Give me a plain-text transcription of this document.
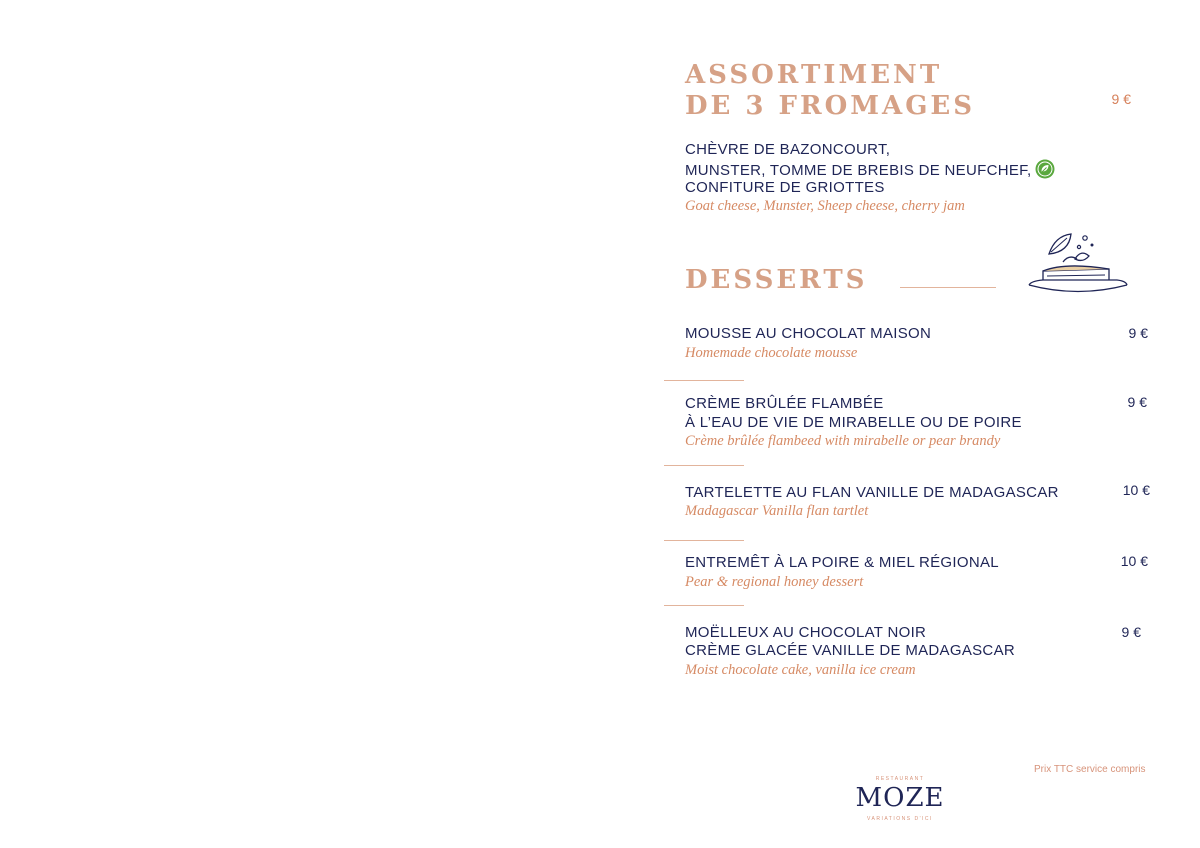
ASSORTIMENT
DE 3 FROMAGES	9 €
CHÈVRE DE BAZONCOURT,
MUNSTER, TOMME DE BREBIS DE NEUFCHEF,
CONFITURE DE GRIOTTES
Goat cheese, Munster, Sheep cheese, cherry jam
DESSERTS
MOUSSE AU CHOCOLAT MAISON
Homemade chocolate mousse
9 €
CRÈME BRÛLÉE FLAMBÉE
À L’EAU DE VIE DE MIRABELLE OU DE POIRE
Crème brûlée flambeed with mirabelle or pear brandy
9 €
TARTELETTE AU FLAN VANILLE DE MADAGASCAR
Madagascar Vanilla flan tartlet
10 €
ENTREMÊT À LA POIRE & MIEL RÉGIONAL
Pear & regional honey dessert
10 €
MOËLLEUX AU CHOCOLAT NOIR
CRÈME GLACÉE VANILLE DE MADAGASCAR
Moist chocolate cake, vanilla ice cream
9 €
Prix TTC service compris
RESTAURANT
MOZE
VARIATIONS D'ICI
